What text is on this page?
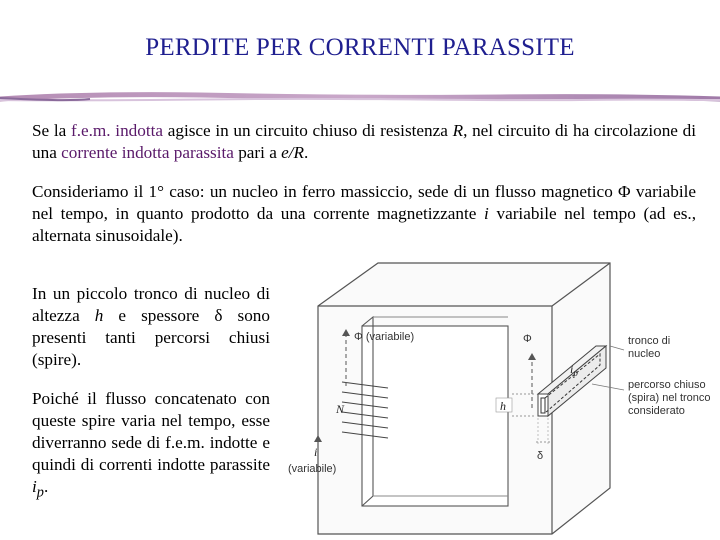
PERDITE PER CORRENTI PARASSITE
Se la f.e.m. indotta agisce in un circuito chiuso di resistenza R, nel circuito di ha circolazione di una corrente indotta parassita pari a e/R.
Consideriamo il 1° caso: un nucleo in ferro massiccio, sede di un flusso magnetico Φ variabile nel tempo, in quanto prodotto da una corrente magnetizzante i variabile nel tempo (ad es., alternata sinusoidale).
In un piccolo tronco di nucleo di altezza h e spessore δ sono presenti tanti percorsi chiusi (spire).
Poiché il flusso concatenato con queste spire varia nel tempo, esse diverranno sede di f.e.m. indotte e quindi di correnti indotte parassite $i_p$.
Φ (variabile)	Φ
N
i
(variabile)
$i_p$
h
δ
tronco di
nucleo
percorso chiuso
(spira) nel tronco
considerato
